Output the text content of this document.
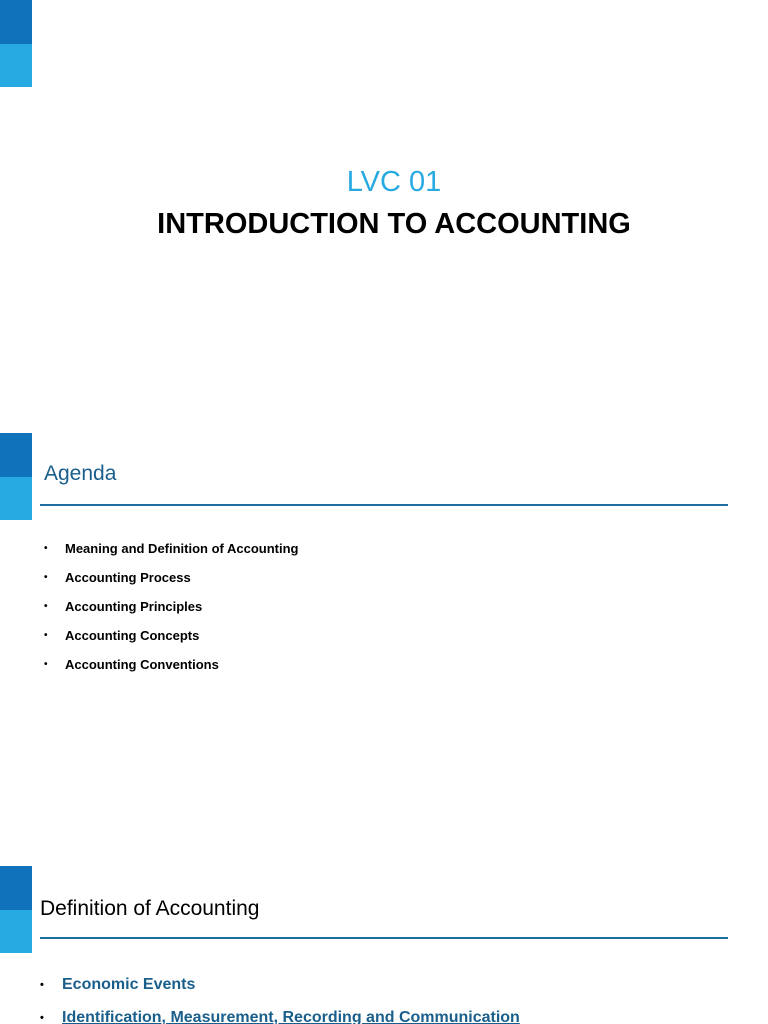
LVC 01
INTRODUCTION TO ACCOUNTING
Agenda
• Meaning and Definition of Accounting
• Accounting Process
• Accounting Principles
• Accounting Concepts
• Accounting Conventions
Definition of Accounting
• Economic Events
• Identification, Measurement, Recording and Communication
